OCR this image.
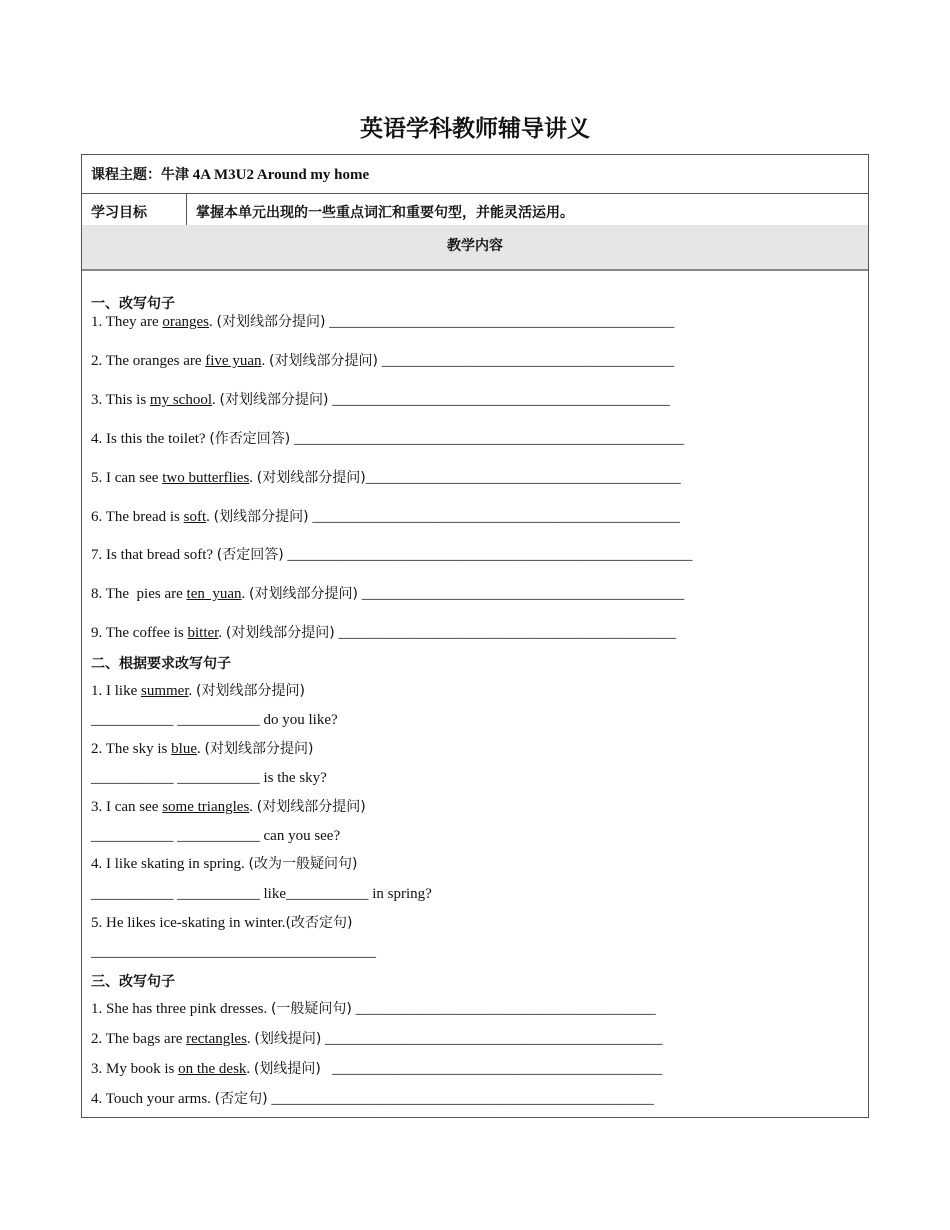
英语学科教师辅导讲义
课程主题：牛津 4A M3U2 Around my home
学习目标	掌握本单元出现的一些重点词汇和重要句型，并能灵活运用。
教学内容
一、改写句子
1. They are oranges. (对划线部分提问) ______________________________________________
2. The oranges are five yuan. (对划线部分提问) _______________________________________
3. This is my school. (对划线部分提问) _____________________________________________
4. Is this the toilet? (作否定回答) ____________________________________________________
5. I can see two butterflies. (对划线部分提问)__________________________________________
6. The bread is soft. (划线部分提问) _________________________________________________
7. Is that bread soft? (否定回答) ______________________________________________________
8. The  pies are ten  yuan. (对划线部分提问) ___________________________________________
9. The coffee is bitter. (对划线部分提问) _____________________________________________
二、根据要求改写句子
1. I like summer. (对划线部分提问)
___________ ___________ do you like?
2. The sky is blue. (对划线部分提问)
___________ ___________ is the sky?
3. I can see some triangles. (对划线部分提问)
___________ ___________ can you see?
4. I like skating in spring. (改为一般疑问句)
___________ ___________ like___________ in spring?
5. He likes ice-skating in winter.(改否定句)
______________________________________
三、改写句子
1. She has three pink dresses. (一般疑问句) ________________________________________
2. The bags are rectangles. (划线提问) _____________________________________________
3. My book is on the desk. (划线提问)   ____________________________________________
4. Touch your arms. (否定句) ___________________________________________________
